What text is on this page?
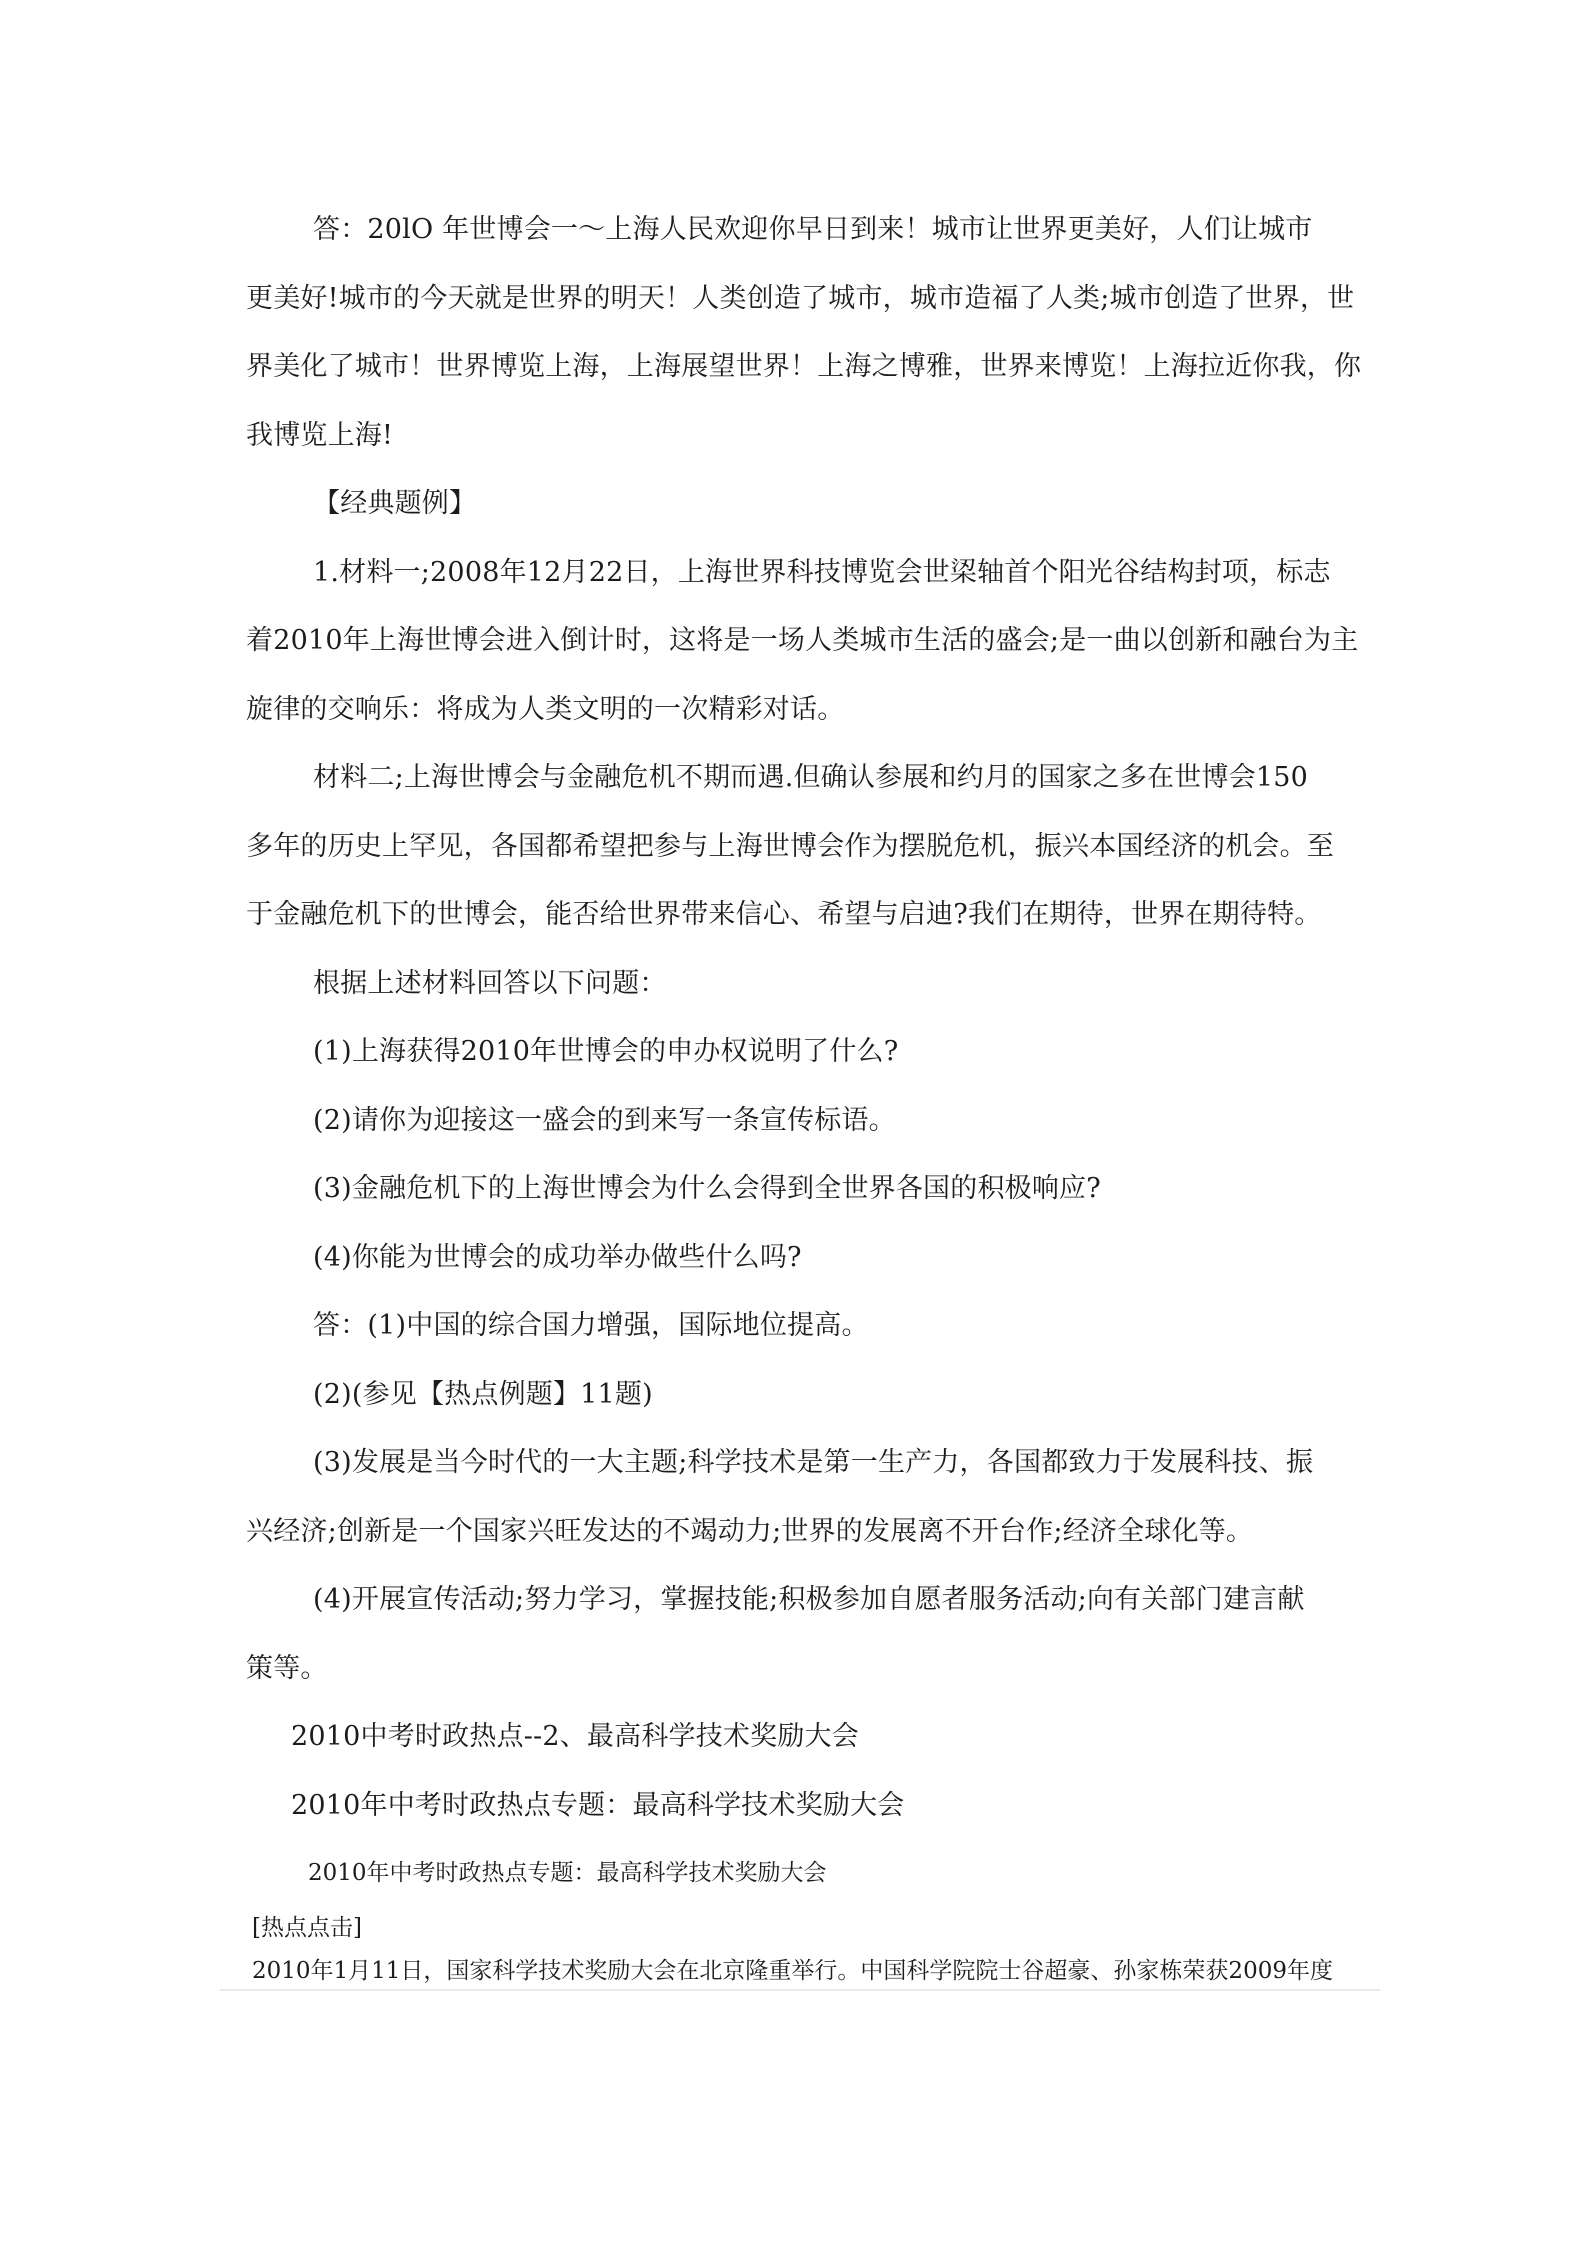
答：20lO 年世博会一～上海人民欢迎你早日到来！城市让世界更美好，人们让城市

更美好!城市的今天就是世界的明天！人类创造了城市，城市造福了人类;城市创造了世界，世

界美化了城市！世界博览上海，上海展望世界！上海之博雅，世界来博览！上海拉近你我，你

我博览上海!

【经典题例】

1.材料一;2008年12月22日，上海世界科技博览会世鿄轴首个阳光谷结构封项，标志

着2010年上海世博会进入倒计时，这将是一场人类城市生活的盛会;是一曲以创新和融台为主

旋律的交响乐：将成为人类文明的一次精彩对话。

材料二;上海世博会与金融危机不期而遇.但确认参展和约月的国家之多在世博会150

多年的历史上罕见，各国都希望把参与上海世博会作为摆脱危机，振兴本国经济的机会。至

于金融危机下的世博会，能否给世界带来信心、希望与启迪?我们在期待，世界在期待特。

根据上述材料回答以下问题：

(1)上海获得2010年世博会的申办权说明了什么?

(2)请你为迎接这一盛会的到来写一条宣传标语。

(3)金融危机下的上海世博会为什么会得到全世界各国的积极响应?

(4)你能为世博会的成功举办做些什么吗?

答：(1)中国的综合国力增强，国际地位提高。

(2)(参见【热点例题】11题)

(3)发展是当今时代的一大主题;科学技术是第一生产力，各国都致力于发展科技、振

兴经济;创新是一个国家兴旺发达的不竭动力;世界的发展离不开台作;经济全球化等。

(4)开展宣传活动;努力学习，掌握技能;积极参加自愿者服务活动;向有关部门建言献

策等。

2010中考时政热点--2、最高科学技术奖励大会

2010年中考时政热点专题：最高科学技术奖励大会

2010年中考时政热点专题：最高科学技术奖励大会

[热点点击]

2010年1月11日，国家科学技术奖励大会在北京隆重举行。中国科学院院士谷超豪、孙家栋荣获2009年度
